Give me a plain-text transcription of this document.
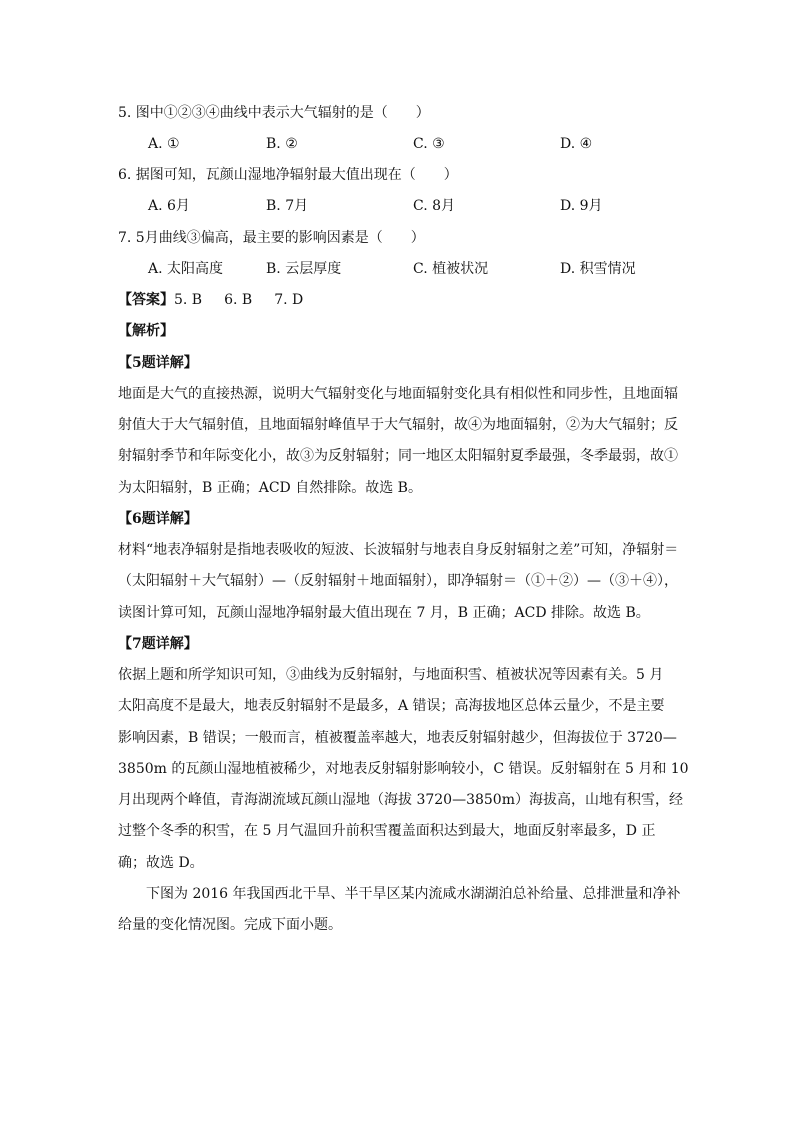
5. 图中①②③④曲线中表示大气辐射的是（　　）
A. ①	B. ②	C. ③	D. ④
6. 据图可知，瓦颜山湿地净辐射最大值出现在（　　）
A. 6月	B. 7月	C. 8月	D. 9月
7. 5月曲线③偏高，最主要的影响因素是（　　）
A. 太阳高度	B. 云层厚度	C. 植被状况	D. 积雪情况
【答案】5. B 6. B 7. D
【解析】
【5题详解】
地面是大气的直接热源，说明大气辐射变化与地面辐射变化具有相似性和同步性，且地面辐
射值大于大气辐射值，且地面辐射峰值早于大气辐射，故④为地面辐射，②为大气辐射；反
射辐射季节和年际变化小，故③为反射辐射；同一地区太阳辐射夏季最强，冬季最弱，故①
为太阳辐射，B 正确；ACD 自然排除。故选 B。
【6题详解】
材料“地表净辐射是指地表吸收的短波、长波辐射与地表自身反射辐射之差”可知，净辐射＝
（太阳辐射＋大气辐射）—（反射辐射＋地面辐射），即净辐射＝（①＋②）—（③＋④），
读图计算可知，瓦颜山湿地净辐射最大值出现在 7 月，B 正确；ACD 排除。故选 B。
【7题详解】
依据上题和所学知识可知，③曲线为反射辐射，与地面积雪、植被状况等因素有关。5 月
太阳高度不是最大，地表反射辐射不是最多，A 错误；高海拔地区总体云量少，不是主要
影响因素，B 错误；一般而言，植被覆盖率越大，地表反射辐射越少，但海拔位于 3720—
3850m 的瓦颜山湿地植被稀少，对地表反射辐射影响较小，C 错误。反射辐射在 5 月和 10
月出现两个峰值，青海湖流域瓦颜山湿地（海拔 3720—3850m）海拔高，山地有积雪，经
过整个冬季的积雪，在 5 月气温回升前积雪覆盖面积达到最大，地面反射率最多，D 正
确；故选 D。
　　下图为 2016 年我国西北干旱、半干旱区某内流咸水湖湖泊总补给量、总排泄量和净补
给量的变化情况图。完成下面小题。
